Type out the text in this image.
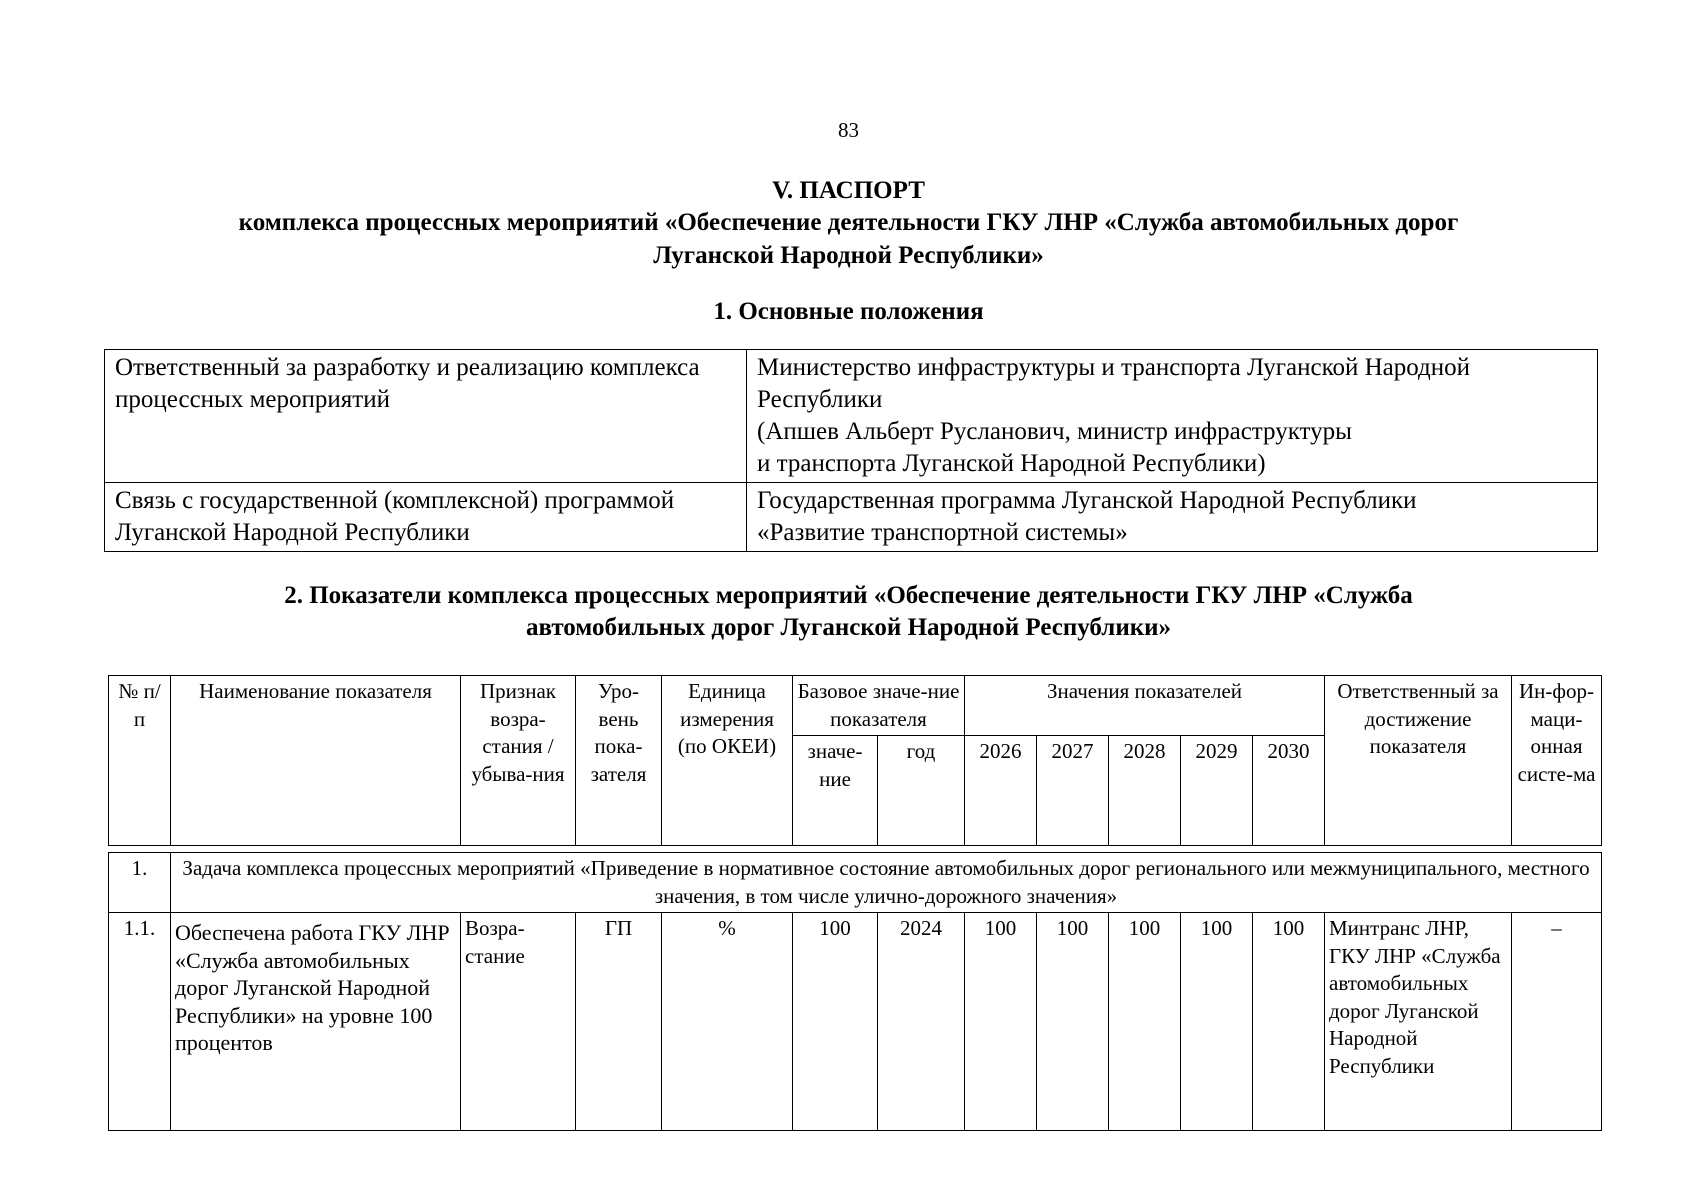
83
V. ПАСПОРТ
комплекса процессных мероприятий «Обеспечение деятельности ГКУ ЛНР «Служба автомобильных дорог
Луганской Народной Республики»
1. Основные положения
Ответственный за разработку и реализацию комплекса процессных мероприятий	Министерство инфраструктуры и транспорта Луганской Народной Республики
(Апшев Альберт Русланович, министр инфраструктуры
и транспорта Луганской Народной Республики)

Связь с государственной (комплексной) программой Луганской Народной Республики	Государственная программа Луганской Народной Республики
«Развитие транспортной системы»
2. Показатели комплекса процессных мероприятий «Обеспечение деятельности ГКУ ЛНР «Служба
автомобильных дорог Луганской Народной Республики»
№ п/п	Наименование показателя	Признак возра-стания / убыва-ния	Уро-вень пока-зателя	Единица измерения (по ОКЕИ)	Базовое значе-ние показателя		Значения показателей					Ответственный за достижение показателя	Ин-фор-маци-онная систе-ма
					значе-ние	год	2026	2027	2028	2029	2030		

1.	Задача комплекса процессных мероприятий «Приведение в нормативное состояние автомобильных дорог регионального или межмуниципального, местного значения, в том числе улично-дорожного значения»												
1.1.	Обеспечена работа ГКУ ЛНР «Служба автомобильных дорог Луганской Народной Республики» на уровне 100 процентов	Возра-стание	ГП	%	100	2024	100	100	100	100	100	Минтранс ЛНР, ГКУ ЛНР «Служба автомобильных дорог Луганской Народной Республики	–
